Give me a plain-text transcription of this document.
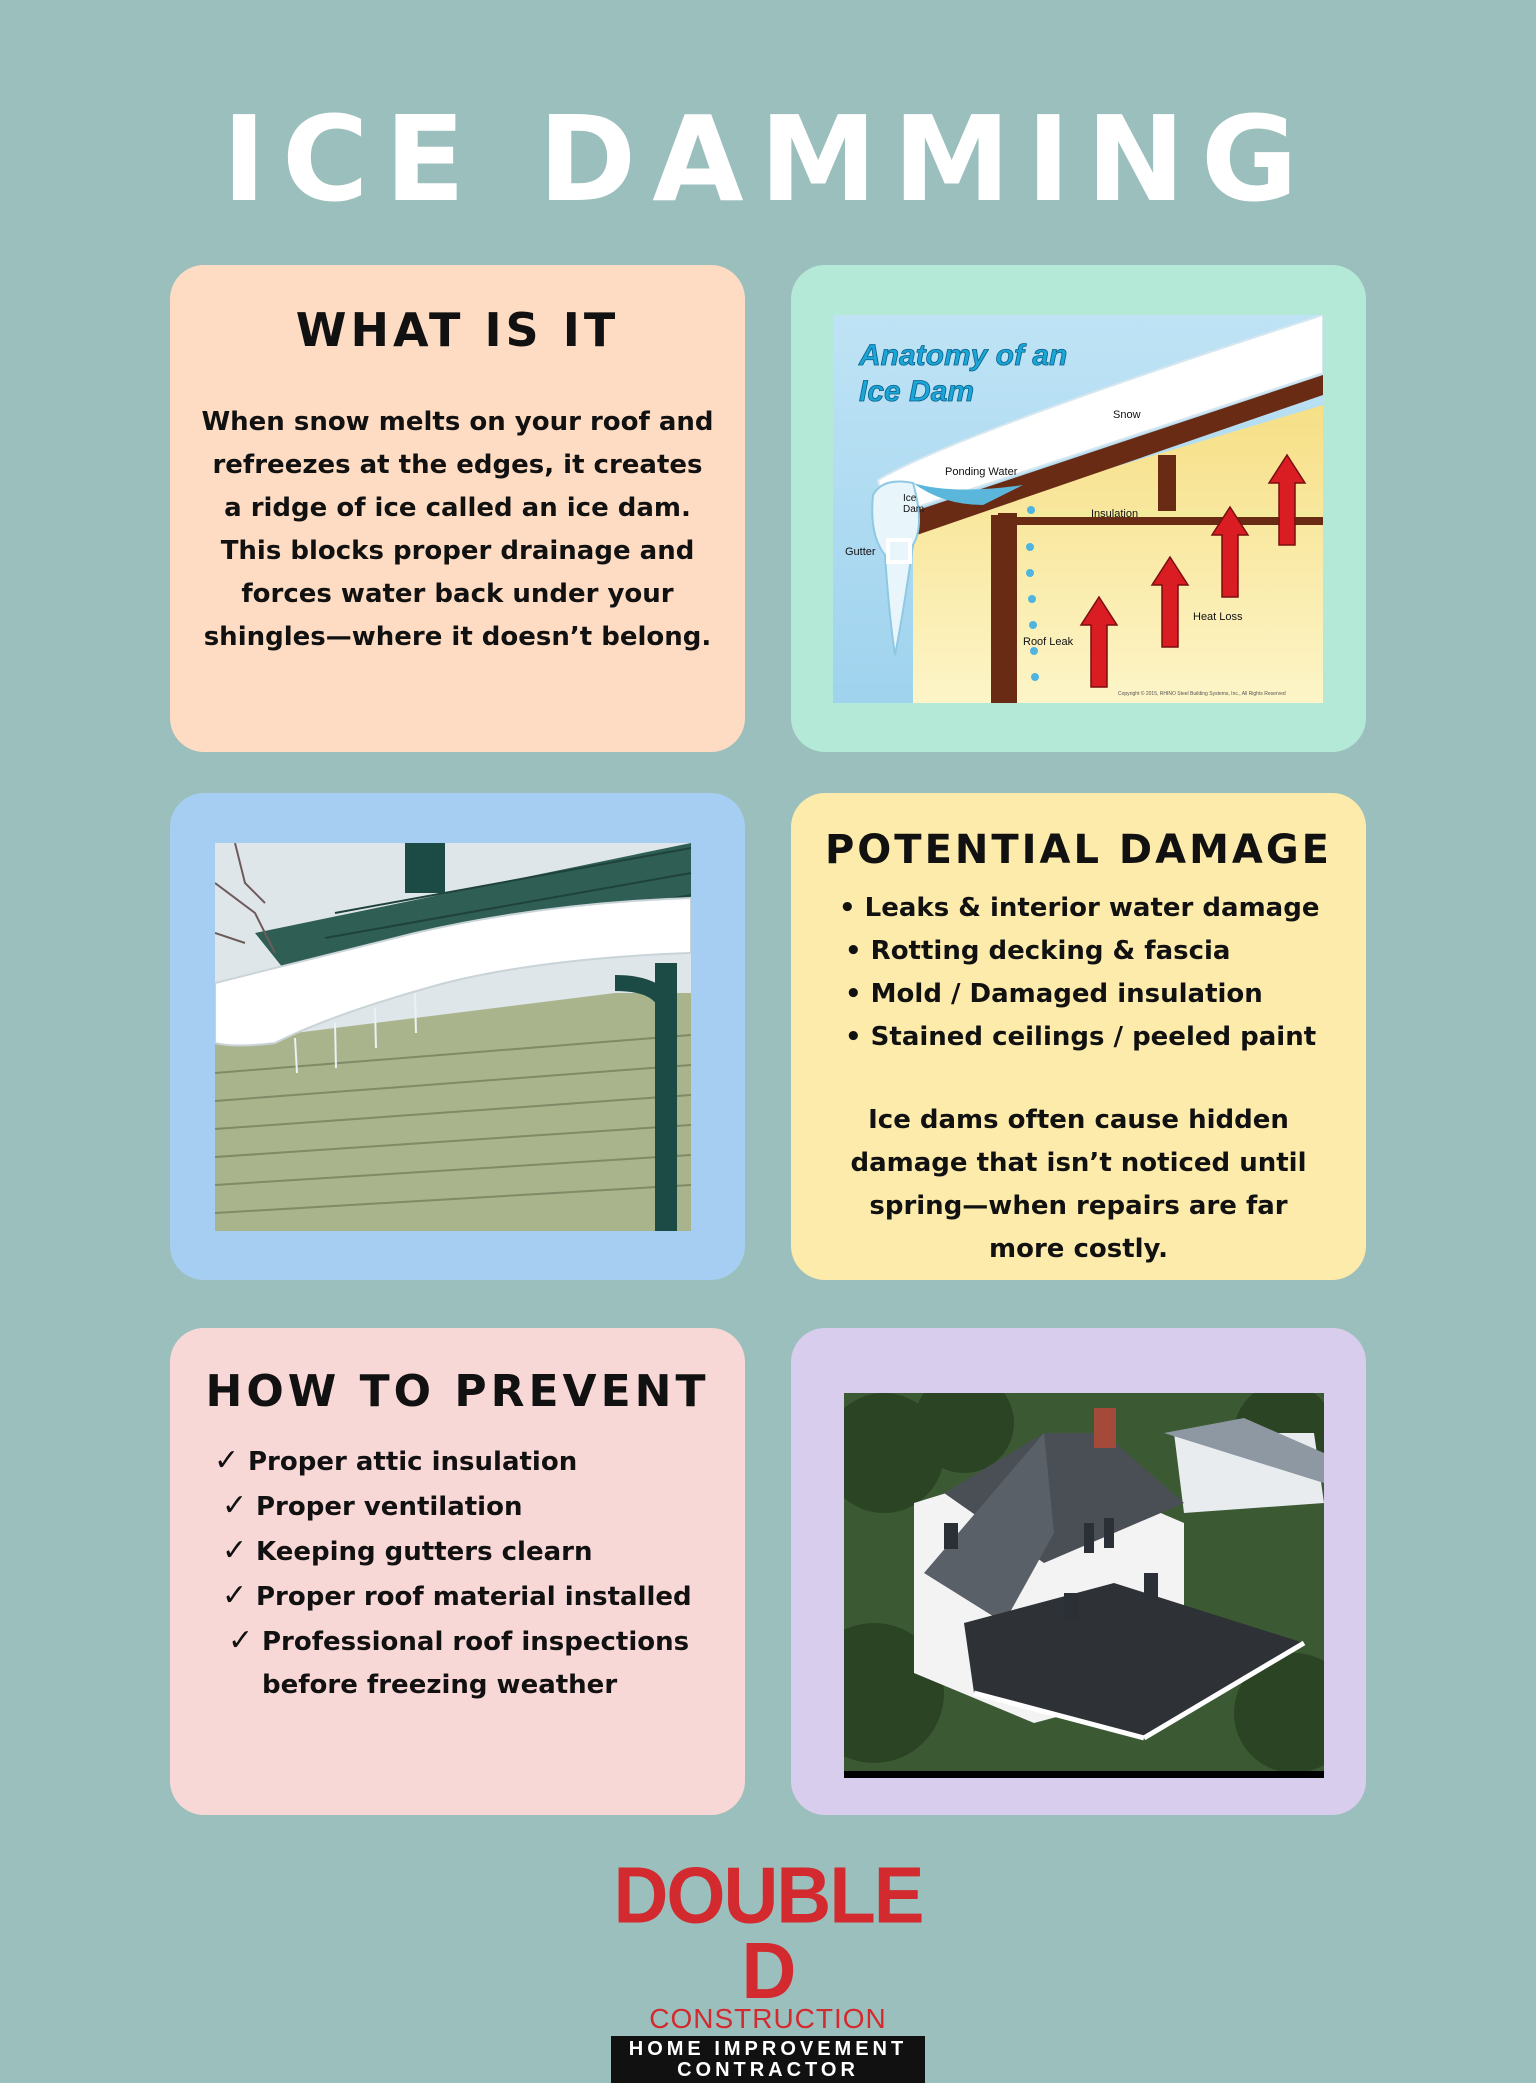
ICE DAMMING
WHAT IS IT

When snow melts on your roof and refreezes at the edges, it creates a ridge of ice called an ice dam. This blocks proper drainage and forces water back under your shingles—where it doesn’t belong.

Anatomy of an
Ice Dam
Snow
Ponding Water
Ice
Dam	Insulation
Gutter
Heat Loss
Roof Leak
Copyright © 2015, RHINO Steel Building Systems, Inc., All Rights Reserved
POTENTIAL DAMAGE
• Leaks & interior water damage
• Rotting decking & fascia
• Mold / Damaged insulation
• Stained ceilings / peeled paint

Ice dams often cause hidden damage that isn’t noticed until spring—when repairs are far more costly.

HOW TO PREVENT
✓ Proper attic insulation
✓ Proper ventilation
✓ Keeping gutters clearn
✓ Proper roof material installed
✓ Professional roof inspections
before freezing weather
DOUBLE D
CONSTRUCTION
HOME IMPROVEMENT
CONTRACTOR
